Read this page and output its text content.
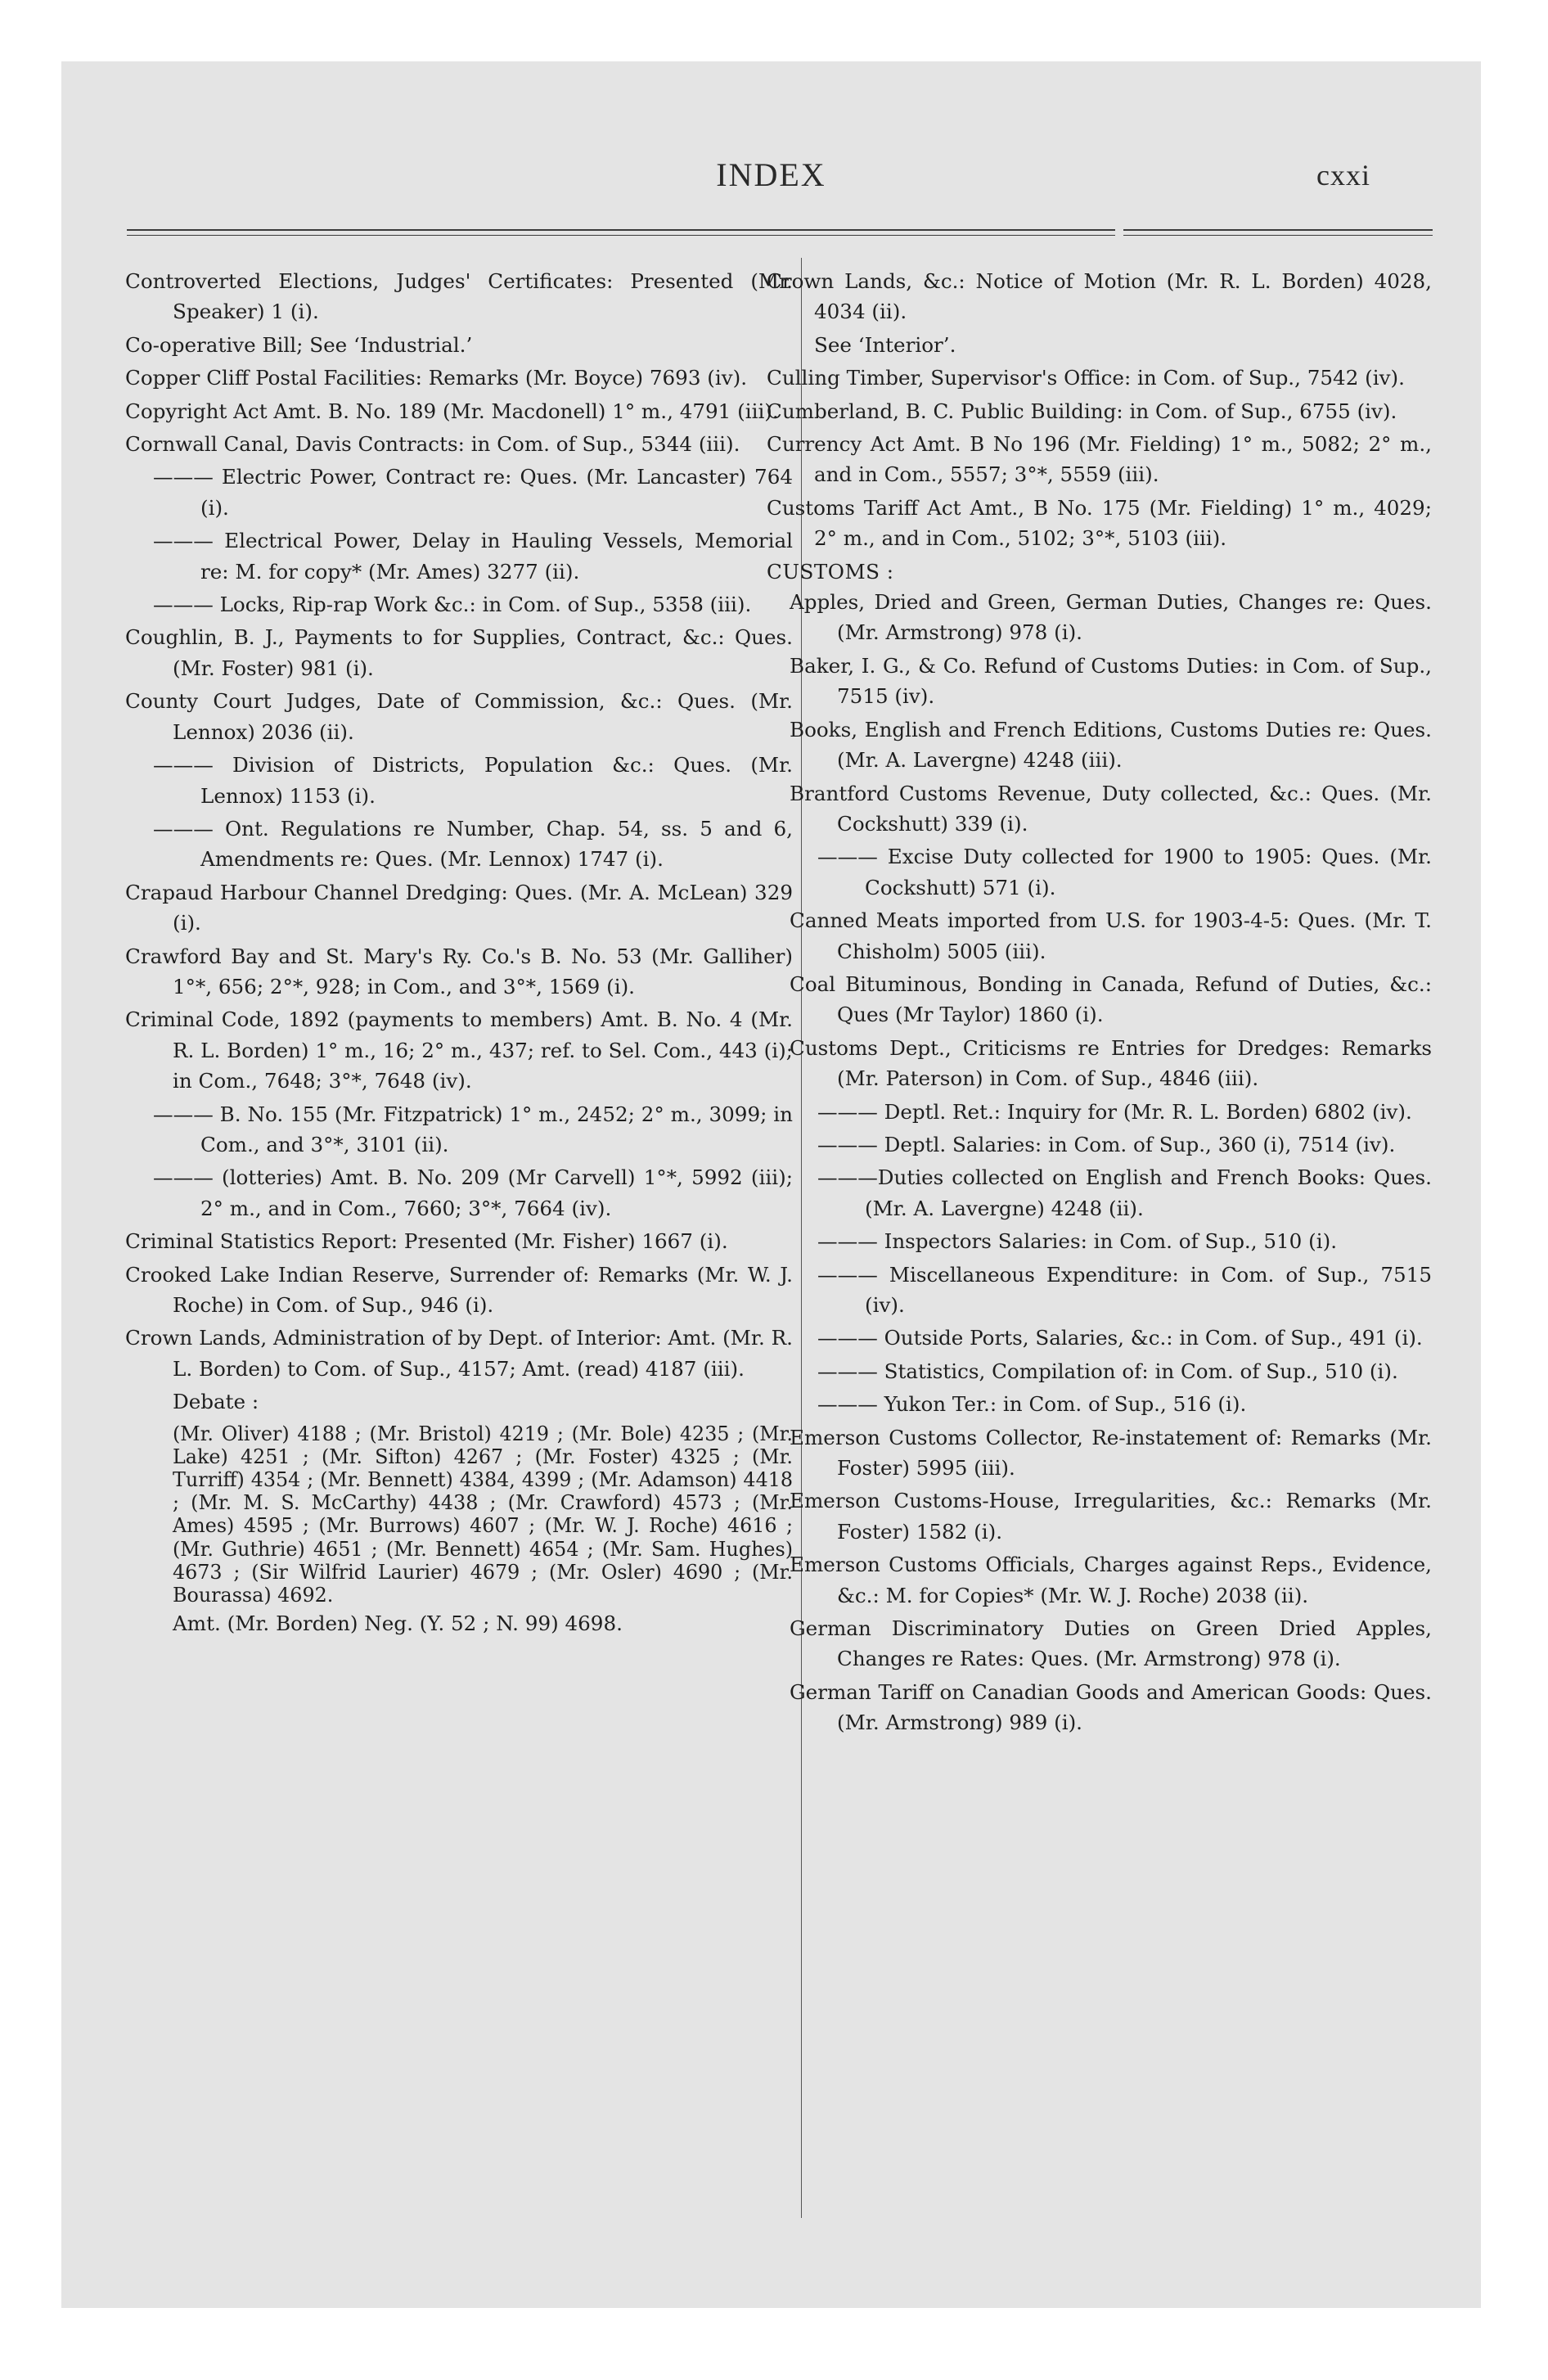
INDEX	cxxi
Controverted Elections, Judges' Certificates: Presented (Mr. Speaker) 1 (i).
Co-operative Bill; See ‘Industrial.’
Copper Cliff Postal Facilities: Remarks (Mr. Boyce) 7693 (iv).
Copyright Act Amt. B. No. 189 (Mr. Macdonell) 1° m., 4791 (iii).
Cornwall Canal, Davis Contracts: in Com. of Sup., 5344 (iii).
——— Electric Power, Contract re: Ques. (Mr. Lancaster) 764 (i).
——— Electrical Power, Delay in Hauling Vessels, Memorial re: M. for copy* (Mr. Ames) 3277 (ii).
——— Locks, Rip-rap Work &c.: in Com. of Sup., 5358 (iii).
Coughlin, B. J., Payments to for Supplies, Contract, &c.: Ques. (Mr. Foster) 981 (i).
County Court Judges, Date of Commission, &c.: Ques. (Mr. Lennox) 2036 (ii).
——— Division of Districts, Population &c.: Ques. (Mr. Lennox) 1153 (i).
——— Ont. Regulations re Number, Chap. 54, ss. 5 and 6, Amendments re: Ques. (Mr. Lennox) 1747 (i).
Crapaud Harbour Channel Dredging: Ques. (Mr. A. McLean) 329 (i).
Crawford Bay and St. Mary's Ry. Co.'s B. No. 53 (Mr. Galliher) 1°*, 656; 2°*, 928; in Com., and 3°*, 1569 (i).
Criminal Code, 1892 (payments to members) Amt. B. No. 4 (Mr. R. L. Borden) 1° m., 16; 2° m., 437; ref. to Sel. Com., 443 (i); in Com., 7648; 3°*, 7648 (iv).
——— B. No. 155 (Mr. Fitzpatrick) 1° m., 2452; 2° m., 3099; in Com., and 3°*, 3101 (ii).
——— (lotteries) Amt. B. No. 209 (Mr Carvell) 1°*, 5992 (iii); 2° m., and in Com., 7660; 3°*, 7664 (iv).
Criminal Statistics Report: Presented (Mr. Fisher) 1667 (i).
Crooked Lake Indian Reserve, Surrender of: Remarks (Mr. W. J. Roche) in Com. of Sup., 946 (i).
Crown Lands, Administration of by Dept. of Interior: Amt. (Mr. R. L. Borden) to Com. of Sup., 4157; Amt. (read) 4187 (iii).
Debate :
(Mr. Oliver) 4188 ; (Mr. Bristol) 4219 ; (Mr. Bole) 4235 ; (Mr. Lake) 4251 ; (Mr. Sifton) 4267 ; (Mr. Foster) 4325 ; (Mr. Turriff) 4354 ; (Mr. Bennett) 4384, 4399 ; (Mr. Adamson) 4418 ; (Mr. M. S. McCarthy) 4438 ; (Mr. Crawford) 4573 ; (Mr. Ames) 4595 ; (Mr. Burrows) 4607 ; (Mr. W. J. Roche) 4616 ; (Mr. Guthrie) 4651 ; (Mr. Bennett) 4654 ; (Mr. Sam. Hughes) 4673 ; (Sir Wilfrid Laurier) 4679 ; (Mr. Osler) 4690 ; (Mr. Bourassa) 4692.
Amt. (Mr. Borden) Neg. (Y. 52 ; N. 99) 4698.
Crown Lands, &c.: Notice of Motion (Mr. R. L. Borden) 4028, 4034 (ii).
See ‘Interior’.
Culling Timber, Supervisor's Office: in Com. of Sup., 7542 (iv).
Cumberland, B. C. Public Building: in Com. of Sup., 6755 (iv).
Currency Act Amt. B No 196 (Mr. Fielding) 1° m., 5082; 2° m., and in Com., 5557; 3°*, 5559 (iii).
Customs Tariff Act Amt., B No. 175 (Mr. Fielding) 1° m., 4029; 2° m., and in Com., 5102; 3°*, 5103 (iii).
CUSTOMS :
Apples, Dried and Green, German Duties, Changes re: Ques. (Mr. Armstrong) 978 (i).
Baker, I. G., & Co. Refund of Customs Duties: in Com. of Sup., 7515 (iv).
Books, English and French Editions, Customs Duties re: Ques. (Mr. A. Lavergne) 4248 (iii).
Brantford Customs Revenue, Duty collected, &c.: Ques. (Mr. Cockshutt) 339 (i).
——— Excise Duty collected for 1900 to 1905: Ques. (Mr. Cockshutt) 571 (i).
Canned Meats imported from U.S. for 1903-4-5: Ques. (Mr. T. Chisholm) 5005 (iii).
Coal Bituminous, Bonding in Canada, Refund of Duties, &c.: Ques (Mr Taylor) 1860 (i).
Customs Dept., Criticisms re Entries for Dredges: Remarks (Mr. Paterson) in Com. of Sup., 4846 (iii).
——— Deptl. Ret.: Inquiry for (Mr. R. L. Borden) 6802 (iv).
——— Deptl. Salaries: in Com. of Sup., 360 (i), 7514 (iv).
———Duties collected on English and French Books: Ques. (Mr. A. Lavergne) 4248 (ii).
——— Inspectors Salaries: in Com. of Sup., 510 (i).
——— Miscellaneous Expenditure: in Com. of Sup., 7515 (iv).
——— Outside Ports, Salaries, &c.: in Com. of Sup., 491 (i).
——— Statistics, Compilation of: in Com. of Sup., 510 (i).
——— Yukon Ter.: in Com. of Sup., 516 (i).
Emerson Customs Collector, Re-instatement of: Remarks (Mr. Foster) 5995 (iii).
Emerson Customs-House, Irregularities, &c.: Remarks (Mr. Foster) 1582 (i).
Emerson Customs Officials, Charges against Reps., Evidence, &c.: M. for Copies* (Mr. W. J. Roche) 2038 (ii).
German Discriminatory Duties on Green Dried Apples, Changes re Rates: Ques. (Mr. Armstrong) 978 (i).
German Tariff on Canadian Goods and American Goods: Ques. (Mr. Armstrong) 989 (i).
